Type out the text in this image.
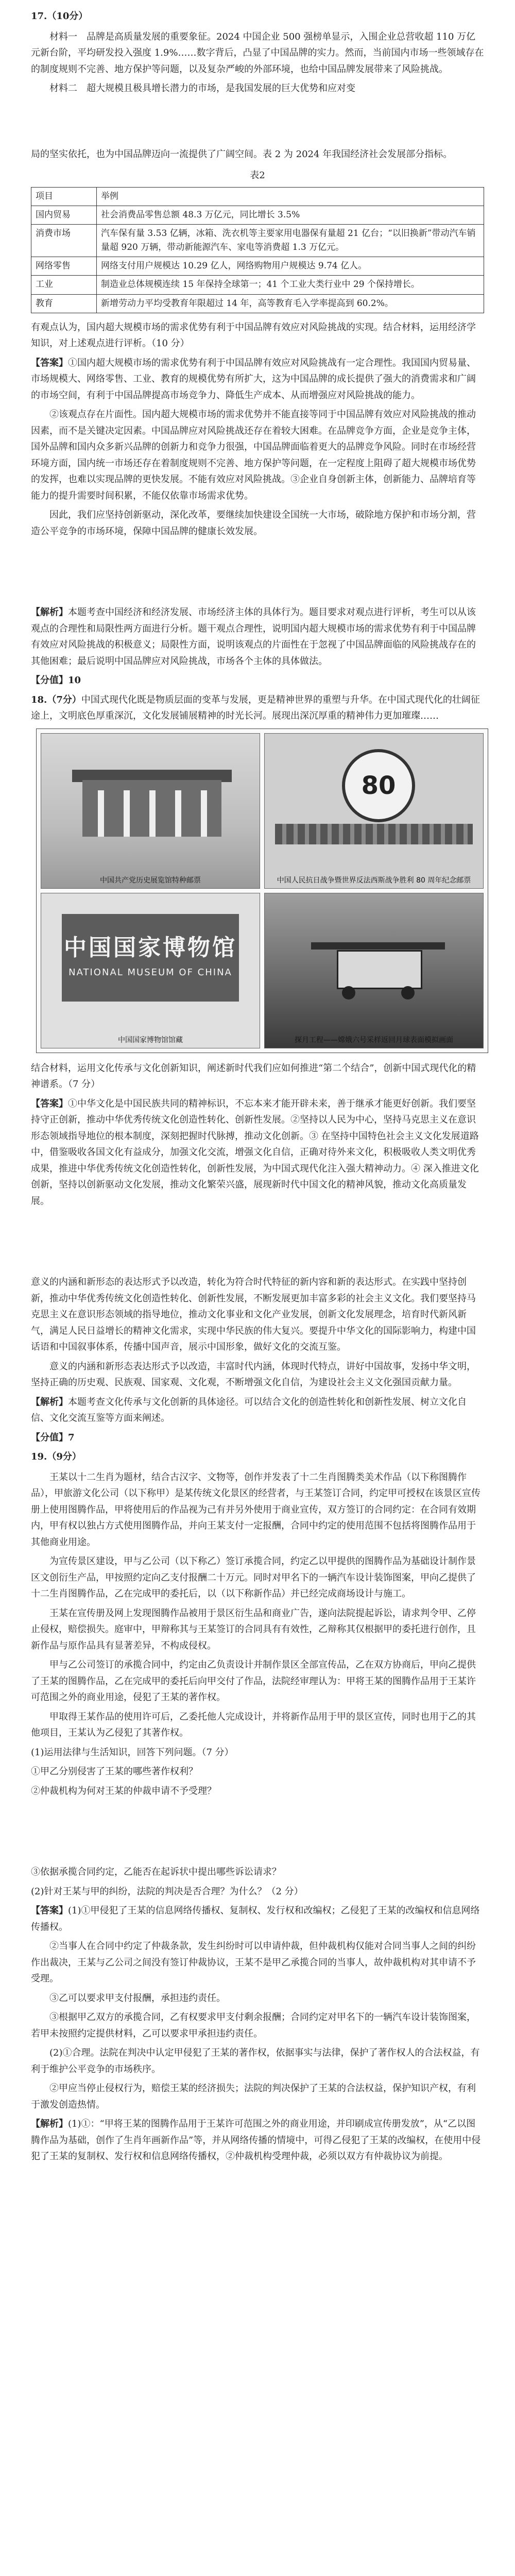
17.（10分）

材料一　品牌是高质量发展的重要象征。2024 中国企业 500 强榜单显示，入围企业总营收超 110 万亿元新台阶，平均研发投入强度 1.9%……数字背后，凸显了中国品牌的实力。然而，当前国内市场一些领域存在的制度规则不完善、地方保护等问题，以及复杂严峻的外部环境，也给中国品牌发展带来了风险挑战。

材料二　超大规模且极具增长潜力的市场，是我国发展的巨大优势和应对变

局的坚实依托，也为中国品牌迈向一流提供了广阔空间。表 2 为 2024 年我国经济社会发展部分指标。

表2
项目	举例
国内贸易	社会消费品零售总额 48.3 万亿元，同比增长 3.5%
消费市场	汽车保有量 3.53 亿辆，冰箱、洗衣机等主要家用电器保有量超 21 亿台；“以旧换新”带动汽车销量超 920 万辆，带动新能源汽车、家电等消费超 1.3 万亿元。
网络零售	网络支付用户规模达 10.29 亿人，网络购物用户规模达 9.74 亿人。
工业	制造业总体规模连续 15 年保持全球第一；41 个工业大类行业中 29 个保持增长。
教育	新增劳动力平均受教育年限超过 14 年，高等教育毛入学率提高到 60.2%。

有观点认为，国内超大规模市场的需求优势有利于中国品牌有效应对风险挑战的实现。结合材料，运用经济学知识，对上述观点进行评析。（10 分）

【答案】①国内超大规模市场的需求优势有利于中国品牌有效应对风险挑战有一定合理性。我国国内贸易量、市场规模大、网络零售、工业、教育的规模优势有所扩大，这为中国品牌的成长提供了强大的消费需求和广阔的市场空间，有利于中国品牌提高市场竞争力、降低生产成本、从而增强应对风险挑战的能力。

②该观点存在片面性。国内超大规模市场的需求优势并不能直接等同于中国品牌有效应对风险挑战的推动因素，而不是关键决定因素。中国品牌应对风险挑战还存在着较大困难。在品牌竞争方面，企业是竞争主体，国外品牌和国内众多新兴品牌的创新力和竞争力很强，中国品牌面临着更大的品牌竞争风险。同时在市场经营环境方面，国内统一市场还存在着制度规则不完善、地方保护等问题，在一定程度上阻碍了超大规模市场优势的发挥，也难以实现品牌的更快发展。不能有效应对风险挑战。③企业自身创新主体，创新能力、品牌培育等能力的提升需要时间积累，不能仅依靠市场需求优势。

因此，我们应坚持创新驱动，深化改革，要继续加快建设全国统一大市场，破除地方保护和市场分割，营造公平竞争的市场环境，保障中国品牌的健康长效发展。

【解析】本题考查中国经济和经济发展、市场经济主体的具体行为。题目要求对观点进行评析，考生可以从该观点的合理性和局限性两方面进行分析。题干观点合理性，说明国内超大规模市场的需求优势有利于中国品牌有效应对风险挑战的积极意义；局限性方面，说明该观点的片面性在于忽视了中国品牌面临的风险挑战存在的其他困难；最后说明中国品牌应对风险挑战，市场各个主体的具体做法。

【分值】10

18.（7分）中国式现代化既是物质层面的变革与发展，更是精神世界的重塑与升华。在中国式现代化的壮阔征途上，文明底色厚重深沉，文化发展铺展精神的时光长河。展现出深沉厚重的精神伟力更加璀璨……

中国共产党历史展览馆特种邮票
80
中国人民抗日战争暨世界反法西斯战争胜利 80 周年纪念邮票
中国国家博物馆
NATIONAL MUSEUM OF CHINA
中国国家博物馆馆藏	探月工程——嫦娥六号采样返回月球表面模拟画面

结合材料，运用文化传承与文化创新知识，阐述新时代我们应如何推进“第二个结合”，创新中国式现代化的精神谱系。（7 分）

【答案】①中华文化是中国民族共同的精神标识，不忘本来才能开辟未来，善于继承才能更好创新。我们要坚持守正创新，推动中华优秀传统文化创造性转化、创新性发展。②坚持以人民为中心，坚持马克思主义在意识形态领域指导地位的根本制度，深刻把握时代脉搏，推动文化创新。③ 在坚持中国特色社会主义文化发展道路中，借鉴吸收各国文化有益成分，加强文化交流，增强文化自信，正确对待外来文化，积极吸收人类文明优秀成果，推进中华优秀传统文化创造性转化，创新性发展，为中国式现代化注入强大精神动力。④ 深入推进文化创新，坚持以创新驱动文化发展，推动文化繁荣兴盛，展现新时代中国文化的精神风貌，推动文化高质量发展。

意义的内涵和新形态的表达形式予以改造，转化为符合时代特征的新内容和新的表达形式。在实践中坚持创新，推动中华优秀传统文化创造性转化、创新性发展，不断发展更加丰富多彩的社会主义文化。我们要坚持马克思主义在意识形态领域的指导地位，推动文化事业和文化产业发展，创新文化发展理念，培育时代新风新气，满足人民日益增长的精神文化需求，实现中华民族的伟大复兴。要提升中华文化的国际影响力，构建中国话语和中国叙事体系，传播中国声音，展示中国形象，做好文化的交流互鉴。

意义的内涵和新形态表达形式予以改造，丰富时代内涵，体现时代特点，讲好中国故事，发扬中华文明，坚持正确的历史观、民族观、国家观、文化观，不断增强文化自信，为建设社会主义文化强国贡献力量。

【解析】本题考查文化传承与文化创新的具体途径。可以结合文化的创造性转化和创新性发展、树立文化自信、文化交流互鉴等方面来阐述。

【分值】7

19.（9分）

王某以十二生肖为题材，结合古汉字、文物等，创作并发表了十二生肖图腾类美术作品（以下称图腾作品），甲旅游文化公司（以下称甲）是某传统文化景区的经营者，与王某签订合同，约定甲可授权在该景区宣传册上使用图腾作品，甲将使用后的作品视为己有并另外使用于商业宣传，双方签订的合同约定：在合同有效期内，甲有权以独占方式使用图腾作品，并向王某支付一定报酬，合同中约定的使用范围不包括将图腾作品用于其他商业用途。

为宣传景区建设，甲与乙公司（以下称乙）签订承揽合同，约定乙以甲提供的图腾作品为基础设计制作景区文创衍生产品，甲按照约定向乙支付报酬二十万元。同时对甲名下的一辆汽车设计装饰图案，甲向乙提供了十二生肖图腾作品，乙在完成甲的委托后，以（以下称新作品）并已经完成商场设计与施工。

王某在宣传册及网上发现图腾作品被用于景区衍生品和商业广告，遂向法院提起诉讼，请求判令甲、乙停止侵权，赔偿损失。庭审中，甲辩称其与王某签订的合同具有有效性，乙辩称其仅根据甲的委托进行创作，且新作品与原作品具有显著差异，不构成侵权。

甲与乙公司签订的承揽合同中，约定由乙负责设计并制作景区全部宣传品，乙在双方协商后，甲向乙提供了王某的图腾作品，乙在完成甲的委托后向甲交付了作品，法院经审理认为：甲将王某的图腾作品用于王某许可范围之外的商业用途，侵犯了王某的著作权。

甲取得王某作品的使用许可后，乙委托他人完成设计，并将新作品用于甲的景区宣传，同时也用于乙的其他项目，王某认为乙侵犯了其著作权。

(1)运用法律与生活知识，回答下列问题。（7 分）

①甲乙分别侵害了王某的哪些著作权利？

②仲裁机构为何对王某的仲裁申请不予受理？

③依据承揽合同约定，乙能否在起诉状中提出哪些诉讼请求？

(2)针对王某与甲的纠纷，法院的判决是否合理？为什么？（2 分）

【答案】(1)①甲侵犯了王某的信息网络传播权、复制权、发行权和改编权；乙侵犯了王某的改编权和信息网络传播权。

②当事人在合同中约定了仲裁条款，发生纠纷时可以申请仲裁，但仲裁机构仅能对合同当事人之间的纠纷作出裁决，王某与乙公司之间没有签订仲裁协议，王某不是甲乙承揽合同的当事人，故仲裁机构对其申请不予受理。

③乙可以要求甲支付报酬，承担违约责任。

③根据甲乙双方的承揽合同，乙有权要求甲支付剩余报酬；合同约定对甲名下的一辆汽车设计装饰图案，若甲未按照约定提供材料，乙可以要求甲承担违约责任。

(2)①合理。法院在判决中认定甲侵犯了王某的著作权，依据事实与法律，保护了著作权人的合法权益，有利于维护公平竞争的市场秩序。

②甲应当停止侵权行为，赔偿王某的经济损失；法院的判决保护了王某的合法权益，保护知识产权，有利于激发创造热情。

【解析】(1)①：“甲将王某的图腾作品用于王某许可范围之外的商业用途，并印刷成宣传册发放”，从“乙以图腾作品为基础，创作了生肖年画新作品”等，并从网络传播的情境中，可得乙侵犯了王某的改编权，在使用中侵犯了王某的复制权、发行权和信息网络传播权，②仲裁机构受理仲裁，必须以双方有仲裁协议为前提。
